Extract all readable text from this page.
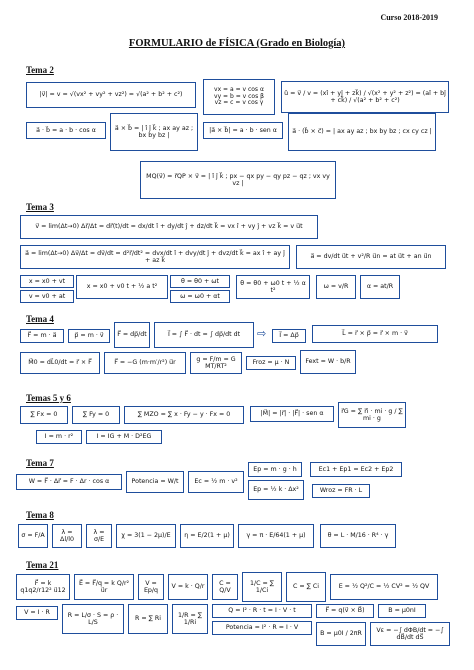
Curso 2018-2019
FORMULARIO de FÍSICA (Grado en Biología)
Tema 2
|v⃗| = v = √(vx² + vy² + vz²) = √(a² + b² + c²)
vx = a = v cos α
vy = b = v cos β
vz = c = v cos γ
û = v⃗ / v = (xî + yĵ + zk⃗) / √(x² + y² + z²) = (aî + bĵ + ck⃗) / √(a² + b² + c²)
a⃗ · b⃗ = a · b · cos α	a⃗ × b⃗ = | î ĵ k⃗ ; ax ay az ; bx by bz |
|a⃗ × b⃗| = a · b · sen α	a⃗ · (b⃗ × c⃗) = | ax ay az ; bx by bz ; cx cy cz |
MQ(v⃗) = r⃗QP × v⃗ = | î ĵ k⃗ ; px − qx py − qy pz − qz ; vx vy vz |
Tema 3
v⃗ = lim(Δt→0) Δr⃗/Δt = dr⃗(t)/dt = dx/dt î + dy/dt ĵ + dz/dt k⃗ = vx î + vy ĵ + vz k⃗ = v u⃗t
a⃗ = lim(Δt→0) Δv⃗/Δt = dv⃗/dt = d²r⃗/dt² = dvx/dt î + dvy/dt ĵ + dvz/dt k⃗ = ax î + ay ĵ + az k⃗
a⃗ = dv/dt u⃗t + v²/R u⃗n = at u⃗t + an u⃗n
x = x0 + vt
x = x0 + v0 t + ½ a t²
θ = θ0 + ωt	θ = θ0 + ω0 t + ½ α t²
ω = v/R	α = at/R
v = v0 + at	ω = ω0 + αt
Tema 4
F⃗ = m · a⃗	p⃗ = m · v⃗	F⃗ = dp⃗/dt	I⃗ = ∫ F⃗ · dt = ∫ dp⃗/dt dt	⇨	I⃗ = Δp⃗	L⃗ = r⃗ × p⃗ = r⃗ × m · v⃗
M⃗0 = dL⃗0/dt = r⃗ × F⃗	F⃗ = −G (m·m′/r²) u⃗r
g = F/m = G MT/RT²
Froz = μ · N	Fext = W · b/R
Temas 5 y 6
∑ Fx = 0	∑ Fy = 0	∑ MZO = ∑ x · Fy − y · Fx = 0	|M⃗| = |r⃗| · |F⃗| · sen α	r⃗G = ∑ r⃗i · mi · g / ∑ mi · g
I = m · r²	I = IG + M · D²EG
Tema 7
W = F⃗ · Δr⃗ = F · Δr · cos α	Potencia = W/t	Ec = ½ m · v²
Ep = m · g · h
Ep = ½ k · Δx²
Ec1 + Ep1 = Ec2 + Ep2
Wroz = FR · L
Tema 8
σ = F/A
λ = Δl/l0
λ = σ/E
χ = 3(1 − 2μ)/E	η = E/2(1 + μ)	γ = π · E/64(1 + μ)	θ = L · M/16 · R⁴ · γ
Tema 21
F⃗ = k q1q2/r12² u⃗12
E⃗ = F⃗/q = k Q/r² u⃗r
V = Ep/q
V = k · Q/r
C = Q/V
1/C = ∑ 1/Ci
C = ∑ Ci	E = ½ Q²/C = ½ CV² = ½ QV
V = I · R	R = L/σ · S = ρ · L/S
R = ∑ Ri
1/R = ∑ 1/Ri
Q = I² · R · t = I · V · t
Potencia = I² · R = I · V
F⃗ = q(v⃗ × B⃗)	B = μ0nI
B = μ0I / 2πR
Vε = −∫ dΦB/dt = −∫ dB⃗/dt dS⃗
